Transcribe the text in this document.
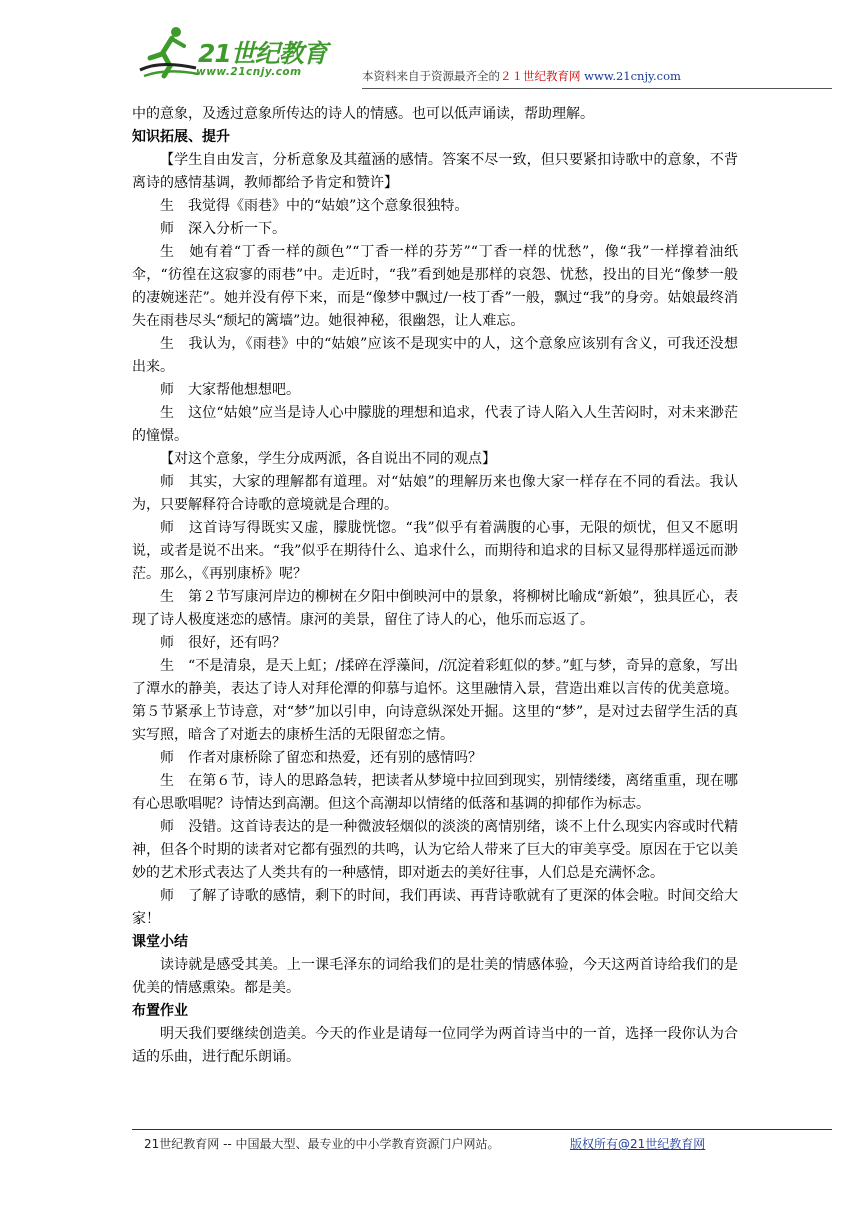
21世纪教育
www.21cnjy.com	本资料来自于资源最齐全的２１世纪教育网 www.21cnjy.com

中的意象，及透过意象所传达的诗人的情感。也可以低声诵读，帮助理解。

知识拓展、提升

【学生自由发言，分析意象及其蕴涵的感情。答案不尽一致，但只要紧扣诗歌中的意象，不背离诗的感情基调，教师都给予肯定和赞许】

生　我觉得《雨巷》中的“姑娘”这个意象很独特。

师　深入分析一下。

生　她有着“丁香一样的颜色”“丁香一样的芬芳”“丁香一样的忧愁”，像“我”一样撑着油纸伞，“彷徨在这寂寥的雨巷”中。走近时，“我”看到她是那样的哀怨、忧愁，投出的目光“像梦一般的凄婉迷茫”。她并没有停下来，而是“像梦中飘过/一枝丁香”一般，飘过“我”的身旁。姑娘最终消失在雨巷尽头“颓圮的篱墙”边。她很神秘，很幽怨，让人难忘。

生　我认为，《雨巷》中的“姑娘”应该不是现实中的人，这个意象应该别有含义，可我还没想出来。

师　大家帮他想想吧。

生　这位“姑娘”应当是诗人心中朦胧的理想和追求，代表了诗人陷入人生苦闷时，对未来渺茫的憧憬。

【对这个意象，学生分成两派，各自说出不同的观点】

师　其实，大家的理解都有道理。对“姑娘”的理解历来也像大家一样存在不同的看法。我认为，只要解释符合诗歌的意境就是合理的。

师　这首诗写得既实又虚，朦胧恍惚。“我”似乎有着满腹的心事，无限的烦忧，但又不愿明说，或者是说不出来。“我”似乎在期待什么、追求什么，而期待和追求的目标又显得那样遥远而渺茫。那么，《再别康桥》呢？

生　第２节写康河岸边的柳树在夕阳中倒映河中的景象，将柳树比喻成“新娘”，独具匠心，表现了诗人极度迷恋的感情。康河的美景，留住了诗人的心，他乐而忘返了。

师　很好，还有吗？

生　“不是清泉，是天上虹；/揉碎在浮藻间，/沉淀着彩虹似的梦。”虹与梦，奇异的意象，写出了潭水的静美，表达了诗人对拜伦潭的仰慕与追怀。这里融情入景，营造出难以言传的优美意境。第５节紧承上节诗意，对“梦”加以引申，向诗意纵深处开掘。这里的“梦”，是对过去留学生活的真实写照，暗含了对逝去的康桥生活的无限留恋之情。

师　作者对康桥除了留恋和热爱，还有别的感情吗？

生　在第６节，诗人的思路急转，把读者从梦境中拉回到现实，别情缕缕，离绪重重，现在哪有心思歌唱呢？诗情达到高潮。但这个高潮却以情绪的低落和基调的抑郁作为标志。

师　没错。这首诗表达的是一种微波轻烟似的淡淡的离情别绪，谈不上什么现实内容或时代精神，但各个时期的读者对它都有强烈的共鸣，认为它给人带来了巨大的审美享受。原因在于它以美妙的艺术形式表达了人类共有的一种感情，即对逝去的美好往事，人们总是充满怀念。

师　了解了诗歌的感情，剩下的时间，我们再读、再背诗歌就有了更深的体会啦。时间交给大家！

课堂小结

读诗就是感受其美。上一课毛泽东的词给我们的是壮美的情感体验，今天这两首诗给我们的是优美的情感熏染。都是美。

布置作业

明天我们要继续创造美。今天的作业是请每一位同学为两首诗当中的一首，选择一段你认为合适的乐曲，进行配乐朗诵。

21世纪教育网 -- 中国最大型、最专业的中小学教育资源门户网站。	版权所有@21世纪教育网
